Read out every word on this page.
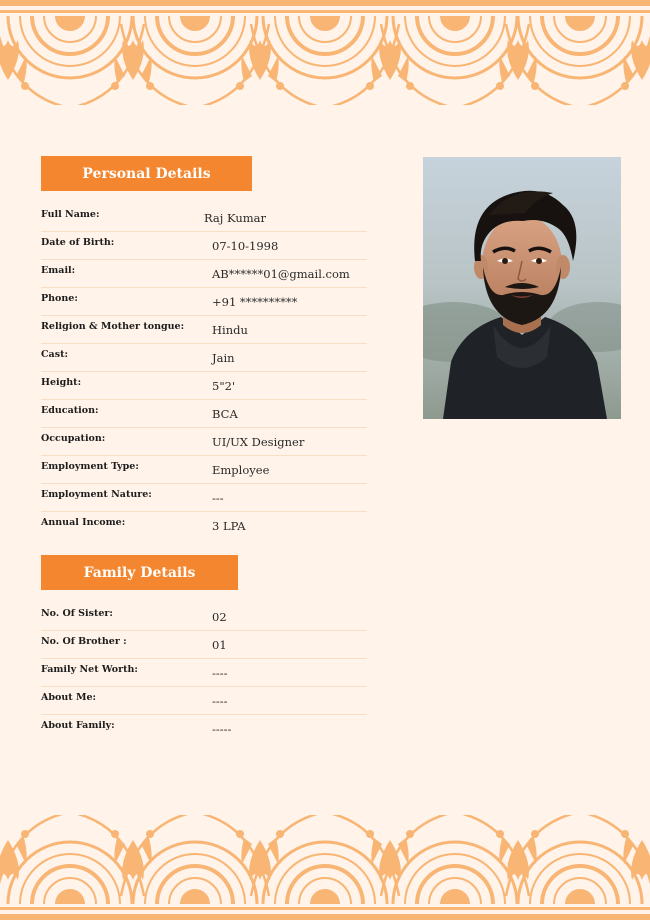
Personal Details
Full Name:	Raj Kumar
Date of Birth:	07-10-1998
Email:	AB******01@gmail.com
Phone:	+91 **********
Religion & Mother tongue: Hindu
Cast:	Jain
Height:	5"2'
Education:	BCA
Occupation:	UI/UX Designer
Employment Type:	Employee
Employment Nature:	---
Annual Income:	3 LPA
Family Details
No. Of Sister:	02
No. Of Brother :	01
Family Net Worth:	----
About Me:	----
About Family:	-----
